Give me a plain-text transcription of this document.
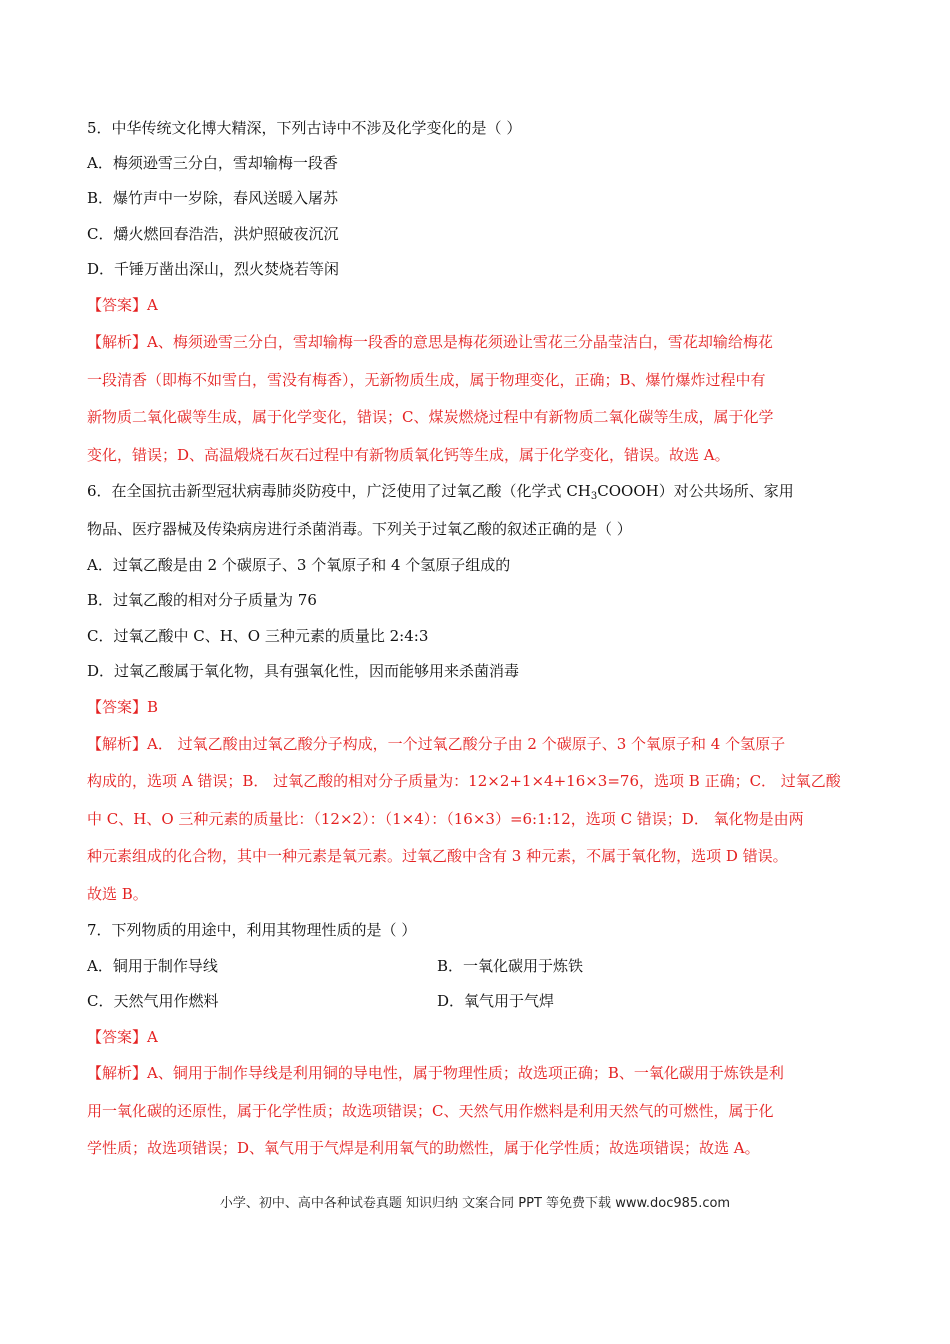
5．中华传统文化博大精深，下列古诗中不涉及化学变化的是（ ）
A．梅须逊雪三分白，雪却输梅一段香
B．爆竹声中一岁除，春风送暖入屠苏
C．爝火燃回春浩浩，洪炉照破夜沉沉
D．千锤万凿出深山，烈火焚烧若等闲
【答案】A
【解析】A、梅须逊雪三分白，雪却输梅一段香的意思是梅花须逊让雪花三分晶莹洁白，雪花却输给梅花
一段清香（即梅不如雪白，雪没有梅香），无新物质生成，属于物理变化，正确；B、爆竹爆炸过程中有
新物质二氧化碳等生成，属于化学变化，错误；C、煤炭燃烧过程中有新物质二氧化碳等生成，属于化学
变化，错误；D、高温煅烧石灰石过程中有新物质氧化钙等生成，属于化学变化，错误。故选 A。
6．在全国抗击新型冠状病毒肺炎防疫中，广泛使用了过氧乙酸（化学式 $CH_3COOOH$）对公共场所、家用
物品、医疗器械及传染病房进行杀菌消毒。下列关于过氧乙酸的叙述正确的是（ ）
A．过氧乙酸是由 2 个碳原子、3 个氧原子和 4 个氢原子组成的
B．过氧乙酸的相对分子质量为 76
C．过氧乙酸中 C、H、O 三种元素的质量比 2:4:3
D．过氧乙酸属于氧化物，具有强氧化性，因而能够用来杀菌消毒
【答案】B
【解析】A． 过氧乙酸由过氧乙酸分子构成，一个过氧乙酸分子由 2 个碳原子、3 个氧原子和 4 个氢原子
构成的，选项 A 错误；B． 过氧乙酸的相对分子质量为：12×2+1×4+16×3=76，选项 B 正确；C． 过氧乙酸
中 C、H、O 三种元素的质量比：（12×2）：（1×4）：（16×3）=6:1:12，选项 C 错误；D． 氧化物是由两
种元素组成的化合物，其中一种元素是氧元素。过氧乙酸中含有 3 种元素，不属于氧化物，选项 D 错误。
故选 B。
7．下列物质的用途中，利用其物理性质的是（ ）
A．铜用于制作导线	B．一氧化碳用于炼铁
C．天然气用作燃料	D．氧气用于气焊
【答案】A
【解析】A、铜用于制作导线是利用铜的导电性，属于物理性质；故选项正确；B、一氧化碳用于炼铁是利
用一氧化碳的还原性，属于化学性质；故选项错误；C、天然气用作燃料是利用天然气的可燃性，属于化
学性质；故选项错误；D、氧气用于气焊是利用氧气的助燃性，属于化学性质；故选项错误；故选 A。
小学、初中、高中各种试卷真题 知识归纳 文案合同 PPT 等免费下载 www.doc985.com
